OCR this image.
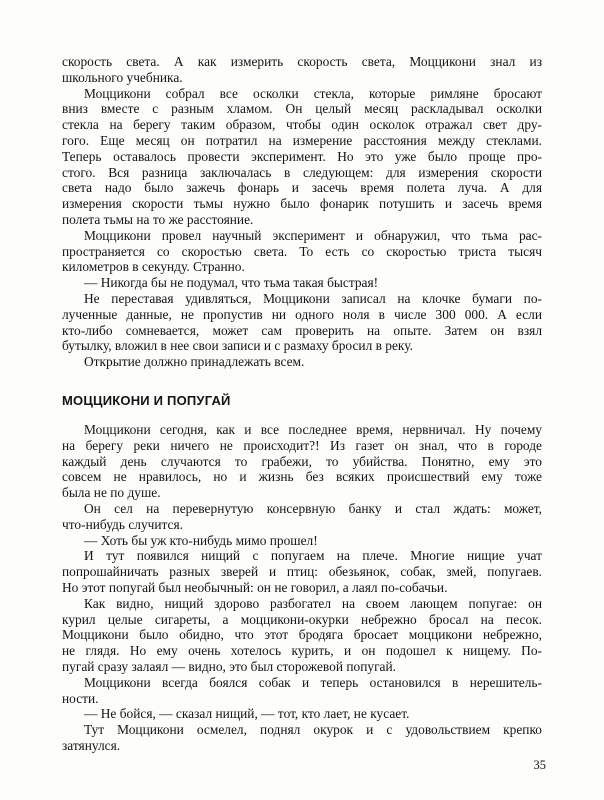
скорость света. А как измерить скорость света, Моццикони знал из
школьного учебника.
Моццикони собрал все осколки стекла, которые римляне бросают
вниз вместе с разным хламом. Он целый месяц раскладывал осколки
стекла на берегу таким образом, чтобы один осколок отражал свет дру-
гого. Еще месяц он потратил на измерение расстояния между стеклами.
Теперь оставалось провести эксперимент. Но это уже было проще про-
стого. Вся разница заключалась в следующем: для измерения скорости
света надо было зажечь фонарь и засечь время полета луча. А для
измерения скорости тьмы нужно было фонарик потушить и засечь время
полета тьмы на то же расстояние.
Моццикони провел научный эксперимент и обнаружил, что тьма рас-
пространяется со скоростью света. То есть со скоростью триста тысяч
километров в секунду. Странно.
— Никогда бы не подумал, что тьма такая быстрая!
Не переставая удивляться, Моццикони записал на клочке бумаги по-
лученные данные, не пропустив ни одного ноля в числе 300 000. А если
кто-либо сомневается, может сам проверить на опыте. Затем он взял
бутылку, вложил в нее свои записи и с размаху бросил в реку.
Открытие должно принадлежать всем.
МОЦЦИКОНИ И ПОПУГАЙ
Моццикони сегодня, как и все последнее время, нервничал. Ну почему
на берегу реки ничего не происходит?! Из газет он знал, что в городе
каждый день случаются то грабежи, то убийства. Понятно, ему это
совсем не нравилось, но и жизнь без всяких происшествий ему тоже
была не по душе.
Он сел на перевернутую консервную банку и стал ждать: может,
что-нибудь случится.
— Хоть бы уж кто-нибудь мимо прошел!
И тут появился нищий с попугаем на плече. Многие нищие учат
попрошайничать разных зверей и птиц: обезьянок, собак, змей, попугаев.
Но этот попугай был необычный: он не говорил, а лаял по-собачьи.
Как видно, нищий здорово разбогател на своем лающем попугае: он
курил целые сигареты, а моццикони-окурки небрежно бросал на песок.
Моццикони было обидно, что этот бродяга бросает моццикони небрежно,
не глядя. Но ему очень хотелось курить, и он подошел к нищему. По-
пугай сразу залаял — видно, это был сторожевой попугай.
Моццикони всегда боялся собак и теперь остановился в нерешитель-
ности.
— Не бойся, — сказал нищий, — тот, кто лает, не кусает.
Тут Моццикони осмелел, поднял окурок и с удовольствием крепко
затянулся.
35
